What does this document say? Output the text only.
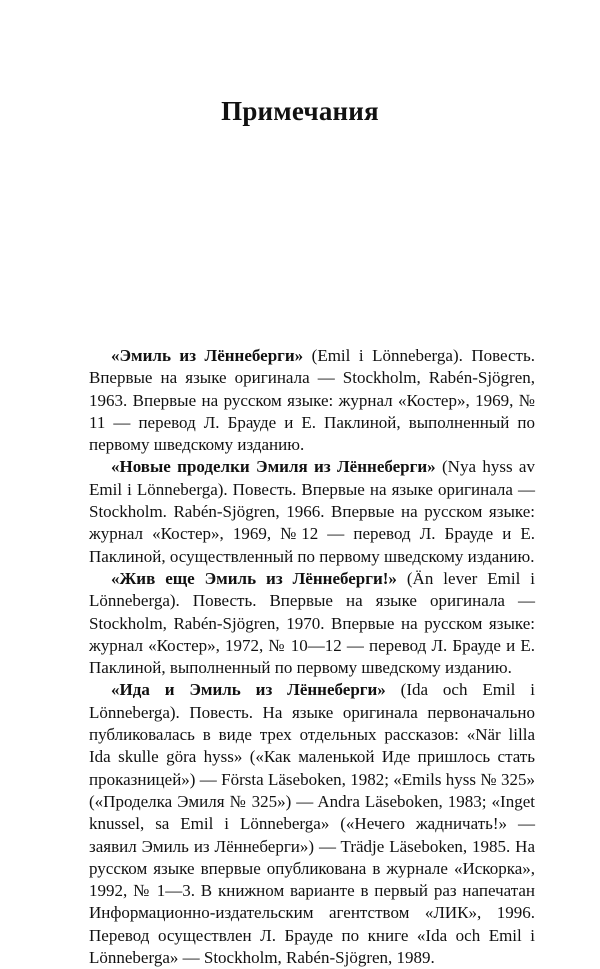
Примечания

«Эмиль из Лённеберги» (Emil i Lönneberga). Повесть. Впервые на языке оригинала — Stockholm, Rabén-Sjögren, 1963. Впервые на русском языке: журнал «Костер», 1969, № 11 — перевод Л. Брауде и Е. Паклиной, выполненный по первому шведскому изданию.

«Новые проделки Эмиля из Лённеберги» (Nya hyss av Emil i Lönneberga). Повесть. Впервые на языке оригинала — Stockholm. Rabén-Sjögren, 1966. Впервые на русском языке: журнал «Костер», 1969, №12 — перевод Л. Брауде и Е. Паклиной, осуществленный по первому шведскому изданию.

«Жив еще Эмиль из Лённеберги!» (Än lever Emil i Lönneberga). Повесть. Впервые на языке оригинала — Stockholm, Rabén-Sjögren, 1970. Впервые на русском языке: журнал «Костер», 1972, № 10—12 — перевод Л. Брауде и Е. Паклиной, выполненный по первому шведскому изданию.

«Ида и Эмиль из Лённеберги» (Ida och Emil i Lönneberga). Повесть. На языке оригинала первоначально публиковалась в виде трех отдельных рассказов: «När lilla Ida skulle göra hyss» («Как маленькой Иде пришлось стать проказницей») — Första Läseboken, 1982; «Emils hyss № 325» («Проделка Эмиля № 325») — Andra Läseboken, 1983; «Inget knussel, sa Emil i Lönneberga» («Нечего жадничать!» — заявил Эмиль из Лённеберги») — Trädje Läseboken, 1985. На русском языке впервые опубликована в журнале «Искорка», 1992, № 1—3. В книжном варианте в первый раз напечатан Информационно-издательским агентством «ЛИК», 1996. Перевод осуществлен Л. Брауде по книге «Ida och Emil i Lönneberga» — Stockholm, Rabén-Sjögren, 1989.
